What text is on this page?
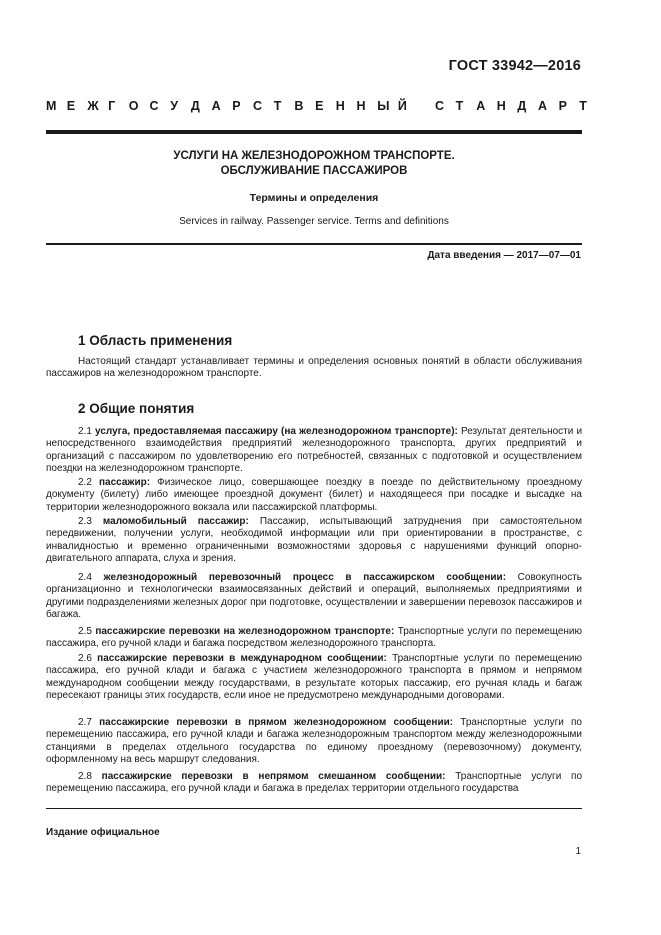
ГОСТ 33942—2016
М Е Ж Г О С У Д А Р С Т В Е Н Н Ы Й С Т А Н Д А Р Т
УСЛУГИ НА ЖЕЛЕЗНОДОРОЖНОМ ТРАНСПОРТЕ.
ОБСЛУЖИВАНИЕ ПАССАЖИРОВ
Термины и определения
Services in railway. Passenger service. Terms and definitions
Дата введения — 2017—07—01
1 Область применения
Настоящий стандарт устанавливает термины и определения основных понятий в области обслуживания пассажиров на железнодорожном транспорте.
2 Общие понятия
2.1 услуга, предоставляемая пассажиру (на железнодорожном транспорте): Результат деятельности и непосредственного взаимодействия предприятий железнодорожного транспорта, других предприятий и организаций с пассажиром по удовлетворению его потребностей, связанных с подготовкой и осуществлением поездки на железнодорожном транспорте.
2.2 пассажир: Физическое лицо, совершающее поездку в поезде по действительному проездному документу (билету) либо имеющее проездной документ (билет) и находящееся при посадке и высадке на территории железнодорожного вокзала или пассажирской платформы.
2.3 маломобильный пассажир: Пассажир, испытывающий затруднения при самостоятельном передвижении, получении услуги, необходимой информации или при ориентировании в пространстве, с инвалидностью и временно ограниченными возможностями здоровья с нарушениями функций опорно-двигательного аппарата, слуха и зрения.
2.4 железнодорожный перевозочный процесс в пассажирском сообщении: Совокупность организационно и технологически взаимосвязанных действий и операций, выполняемых предприятиями и другими подразделениями железных дорог при подготовке, осуществлении и завершении перевозок пассажиров и багажа.
2.5 пассажирские перевозки на железнодорожном транспорте: Транспортные услуги по перемещению пассажира, его ручной клади и багажа посредством железнодорожного транспорта.
2.6 пассажирские перевозки в международном сообщении: Транспортные услуги по перемещению пассажира, его ручной клади и багажа с участием железнодорожного транспорта в прямом и непрямом международном сообщении между государствами, в результате которых пассажир, его ручная кладь и багаж пересекают границы этих государств, если иное не предусмотрено международными договорами.
2.7 пассажирские перевозки в прямом железнодорожном сообщении: Транспортные услуги по перемещению пассажира, его ручной клади и багажа железнодорожным транспортом между железнодорожными станциями в пределах отдельного государства по единому проездному (перевозочному) документу, оформленному на весь маршрут следования.
2.8 пассажирские перевозки в непрямом смешанном сообщении: Транспортные услуги по перемещению пассажира, его ручной клади и багажа в пределах территории отдельного государства
Издание официальное
1
